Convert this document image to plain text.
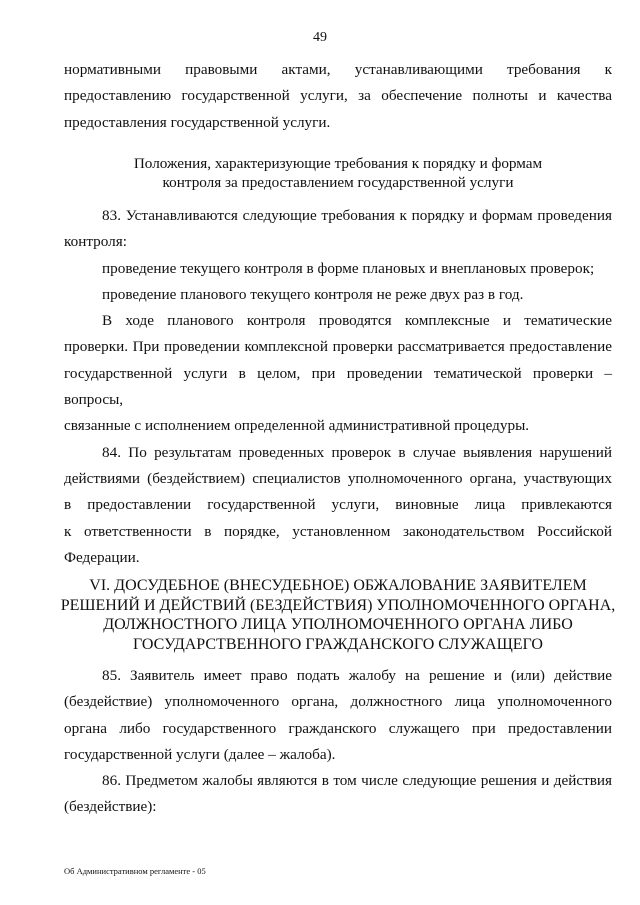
49

нормативными правовыми актами, устанавливающими требования к

предоставлению государственной услуги, за обеспечение полноты и качества

предоставления государственной услуги.

Положения, характеризующие требования к порядку и формам
контроля за предоставлением государственной услуги

83. Устанавливаются следующие требования к порядку и формам проведения

контроля:

проведение текущего контроля в форме плановых и внеплановых проверок;

проведение планового текущего контроля не реже двух раз в год.

В ходе планового контроля проводятся комплексные и тематические

проверки. При проведении комплексной проверки рассматривается предоставление

государственной услуги в целом, при проведении тематической проверки – вопросы,

связанные с исполнением определенной административной процедуры.

84. По результатам проведенных проверок в случае выявления нарушений

действиями (бездействием) специалистов уполномоченного органа, участвующих

в предоставлении государственной услуги, виновные лица привлекаются

к ответственности в порядке, установленном законодательством Российской

Федерации.

VI. ДОСУДЕБНОЕ (ВНЕСУДЕБНОЕ) ОБЖАЛОВАНИЕ ЗАЯВИТЕЛЕМ
РЕШЕНИЙ И ДЕЙСТВИЙ (БЕЗДЕЙСТВИЯ) УПОЛНОМОЧЕННОГО ОРГАНА,
ДОЛЖНОСТНОГО ЛИЦА УПОЛНОМОЧЕННОГО ОРГАНА ЛИБО
ГОСУДАРСТВЕННОГО ГРАЖДАНСКОГО СЛУЖАЩЕГО

85. Заявитель имеет право подать жалобу на решение и (или) действие

(бездействие) уполномоченного органа, должностного лица уполномоченного

органа либо государственного гражданского служащего при предоставлении

государственной услуги (далее – жалоба).

86. Предметом жалобы являются в том числе следующие решения и действия

(бездействие):

Об Административном регламенте - 05
